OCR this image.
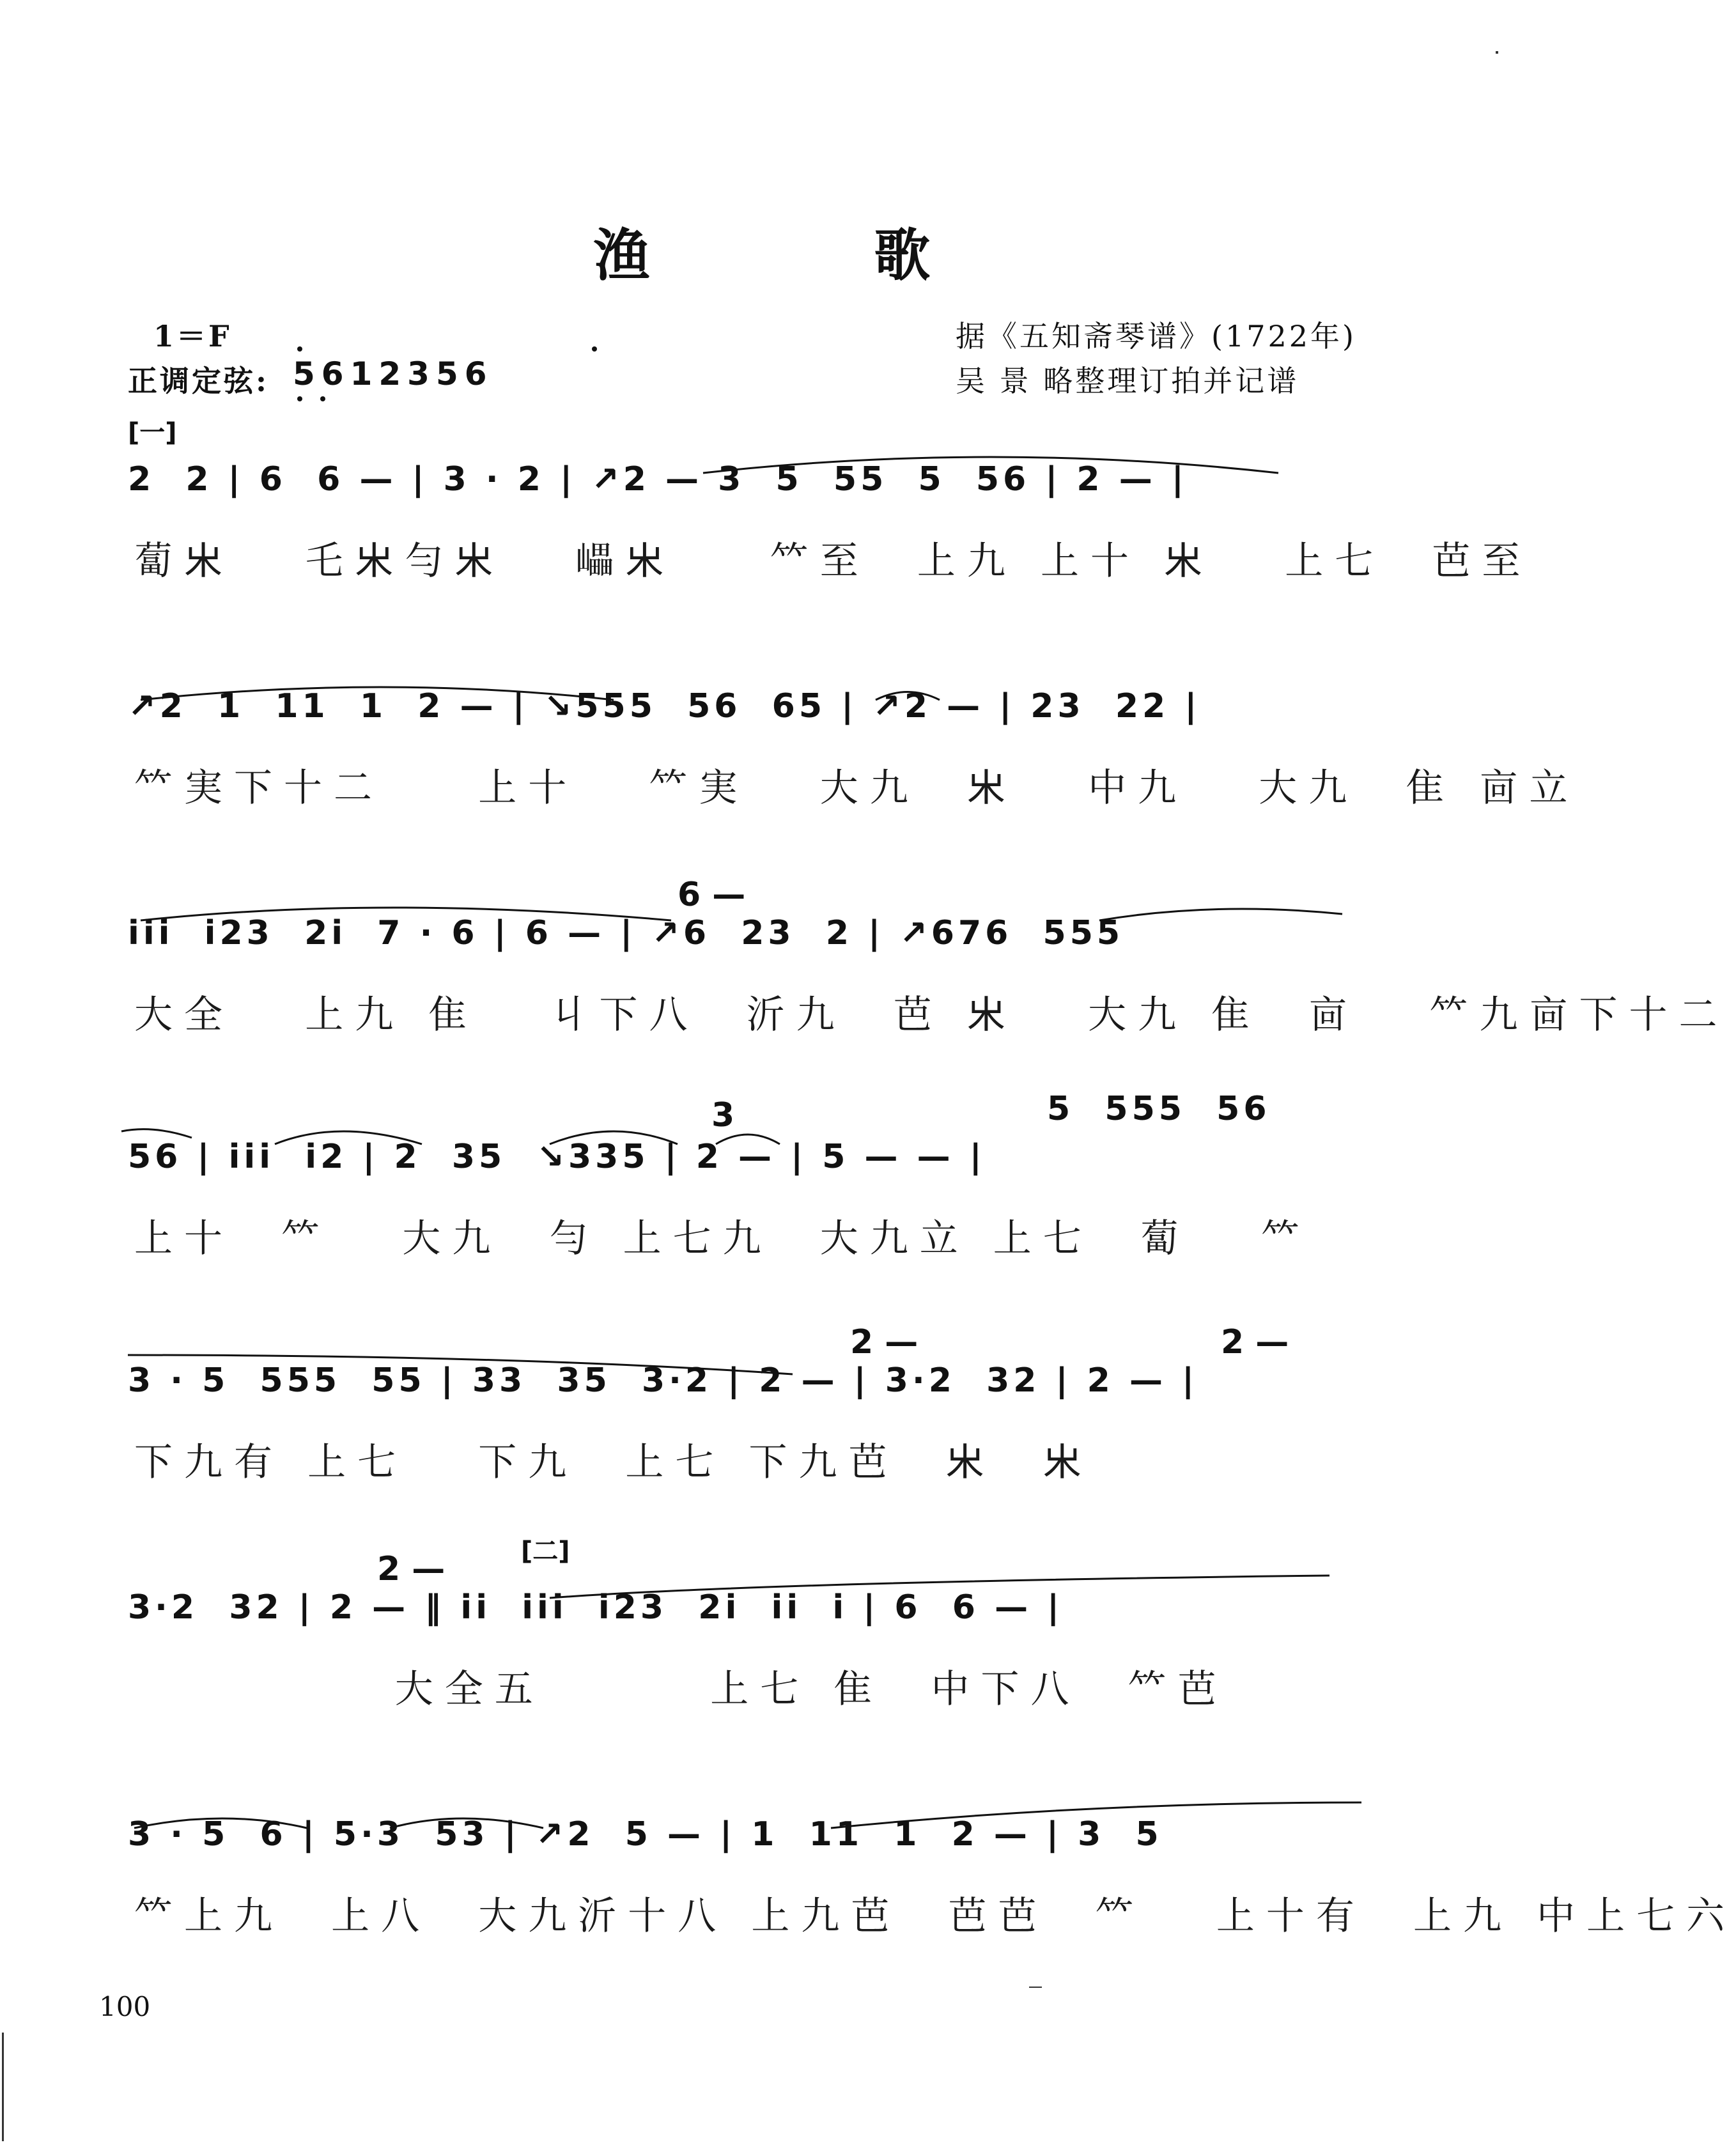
渔 歌
1＝F
正调定弦: 5612356
据《五知斋琴谱》(1722年)
吴 景 略整理订拍并记谱
[一]
2  2 | 6  6 — | 3 · 2 | ↗2 — 3  5  55  5  56 | 2 — |
蔔𣎵   乇𣎵勻𣎵   𡾊𣎵    𥫗至  上九 上十 𣎵   上七  芭至
↗2  1  11  1  2 — | ↘555  56  65 | ↗2 — | 23  22 |
𥫗実下十二    上十   𥫗実   大九  𣎵   中九   大九  隹 㐭立
6 —
iii  i23  2i  7 · 6 | 6 — | ↗6  23  2 | ↗676  555
大全   上九 隹   丩下八  沂九  芭 𣎵   大九 隹  㐭   𥫗九㐭下十二
3	5  555  56
56 | iii  i2 | 2  35  ↘335 | 2 — | 5 — — |
上十  𥫗   大九  勻 上七九  大九立 上七  蔔   𥫗
2 —	2 —
3 · 5  555  55 | 33  35  3·2 | 2 — | 3·2  32 | 2 — |
下九有 上七   下九  上七 下九芭  𣎵  𣎵
[二]
2 —
3·2  32 | 2 — ‖ ii  iii  i23  2i  ii  i | 6  6 — |
大全五       上七 隹  中下八  𥫗芭
3 · 5  6 | 5·3  53 | ↗2  5 — | 1  11  1  2 — | 3  5
𥫗上九  上八  大九沂十八 上九芭  芭芭  𥫗   上十有  上九 中上七六
100
